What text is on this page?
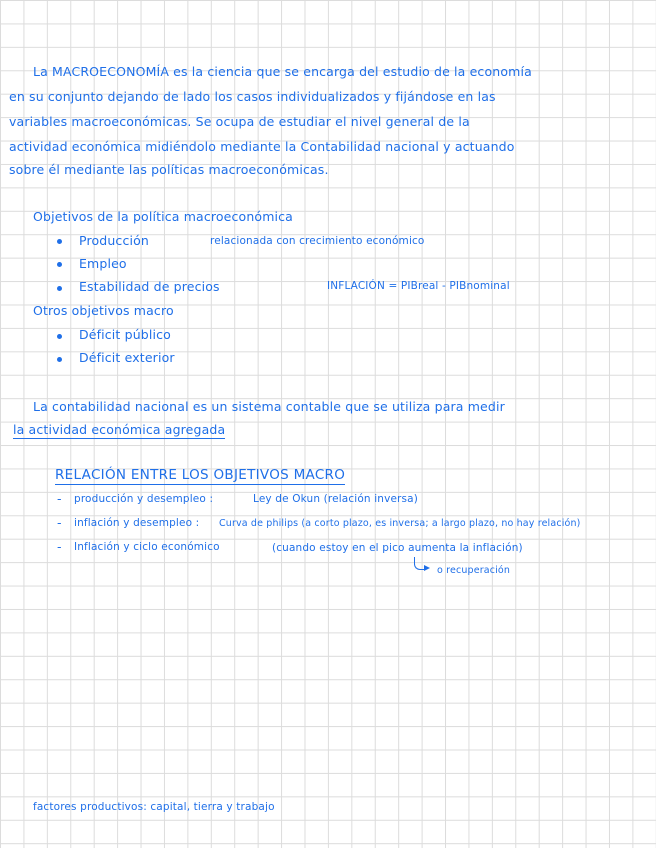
La MACROECONOMÍA es la ciencia que se encarga del estudio de la economía
en su conjunto dejando de lado los casos individualizados y fijándose en las
variables macroeconómicas. Se ocupa de estudiar el nivel general de la
actividad económica midiéndolo mediante la Contabilidad nacional y actuando
sobre él mediante las políticas macroeconómicas.
Objetivos de la política macroeconómica
Producción	relacionada con crecimiento económico
Empleo
Estabilidad de precios	INFLACIÓN = PIBreal - PIBnominal
Otros objetivos macro
Déficit público
Déficit exterior
La contabilidad nacional es un sistema contable que se utiliza para medir
la actividad económica agregada
RELACIÓN ENTRE LOS OBJETIVOS MACRO
- producción y desempleo :	Ley de Okun (relación inversa)
- inflación y desempleo : Curva de philips (a corto plazo, es inversa; a largo plazo, no hay relación)
- Inflación y ciclo económico	(cuando estoy en el pico aumenta la inflación)
o recuperación
factores productivos: capital, tierra y trabajo
